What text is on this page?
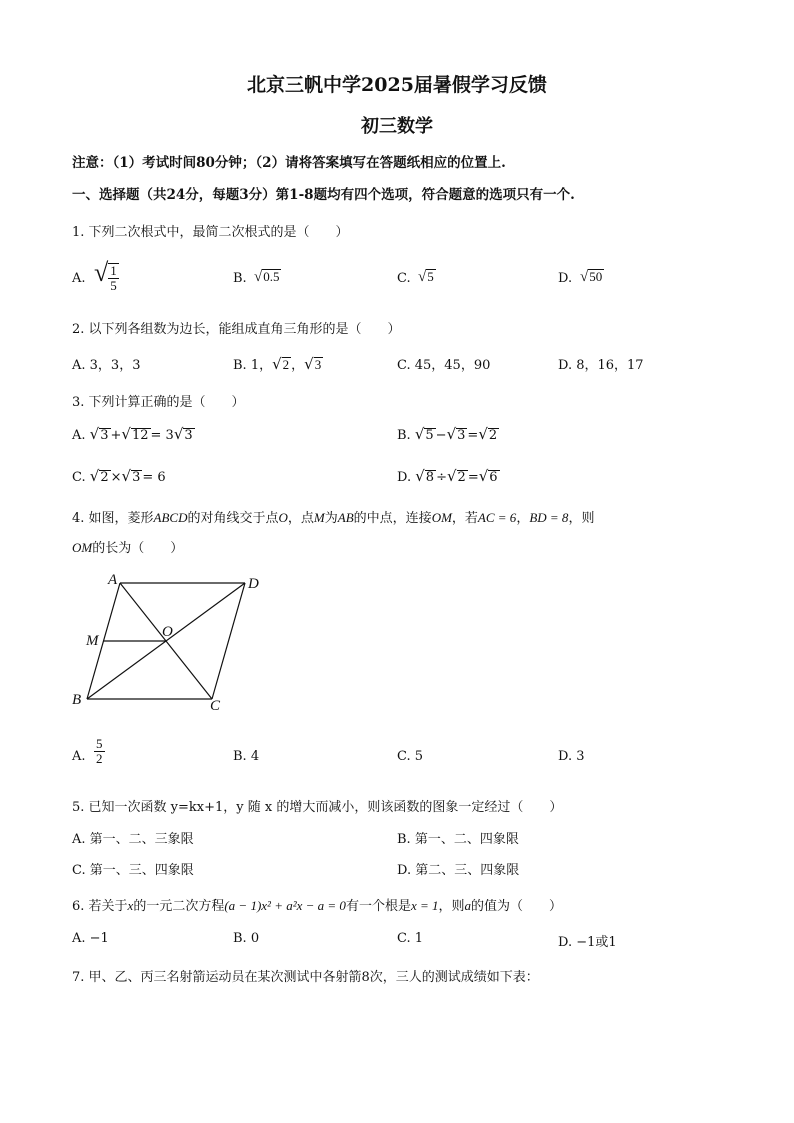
北京三帆中学2025届暑假学习反馈
初三数学
注意：（1）考试时间80分钟；（2）请将答案填写在答题纸相应的位置上.
一、选择题（共24分，每题3分）第1-8题均有四个选项，符合题意的选项只有一个.
1. 下列二次根式中，最简二次根式的是（　　）
A. √ $\frac{1}{5}$	B. √0.5	C. √5	D. √50
2. 以下列各组数为边长，能组成直角三角形的是（　　）
A. 3，3，3	B. 1，√2 ，√3	C. 45，45，90	D. 8，16，17
3. 下列计算正确的是（　　）
A. √3 +√12 = 3√3	B. √5 −√3 =√2
C. √2 ×√3 = 6	D. √8 ÷√2 =√6
4. 如图，菱形ABCD的对角线交于点O，点M为AB的中点，连接OM，若AC = 6，BD = 8，则
OM的长为（　　）
A	D
B	C
O
M
A. $\frac{5}{2}$	B. 4	C. 5	D. 3
5. 已知一次函数 y=kx+1，y 随 x 的增大而减小，则该函数的图象一定经过（　　）
A. 第一、二、三象限	B. 第一、二、四象限
C. 第一、三、四象限	D. 第二、三、四象限
6. 若关于x的一元二次方程(a − 1)x² + a²x − a = 0有一个根是x = 1，则a的值为（　　）
A. −1	B. 0	C. 1	D. −1或1
7. 甲、乙、丙三名射箭运动员在某次测试中各射箭8次，三人的测试成绩如下表：
